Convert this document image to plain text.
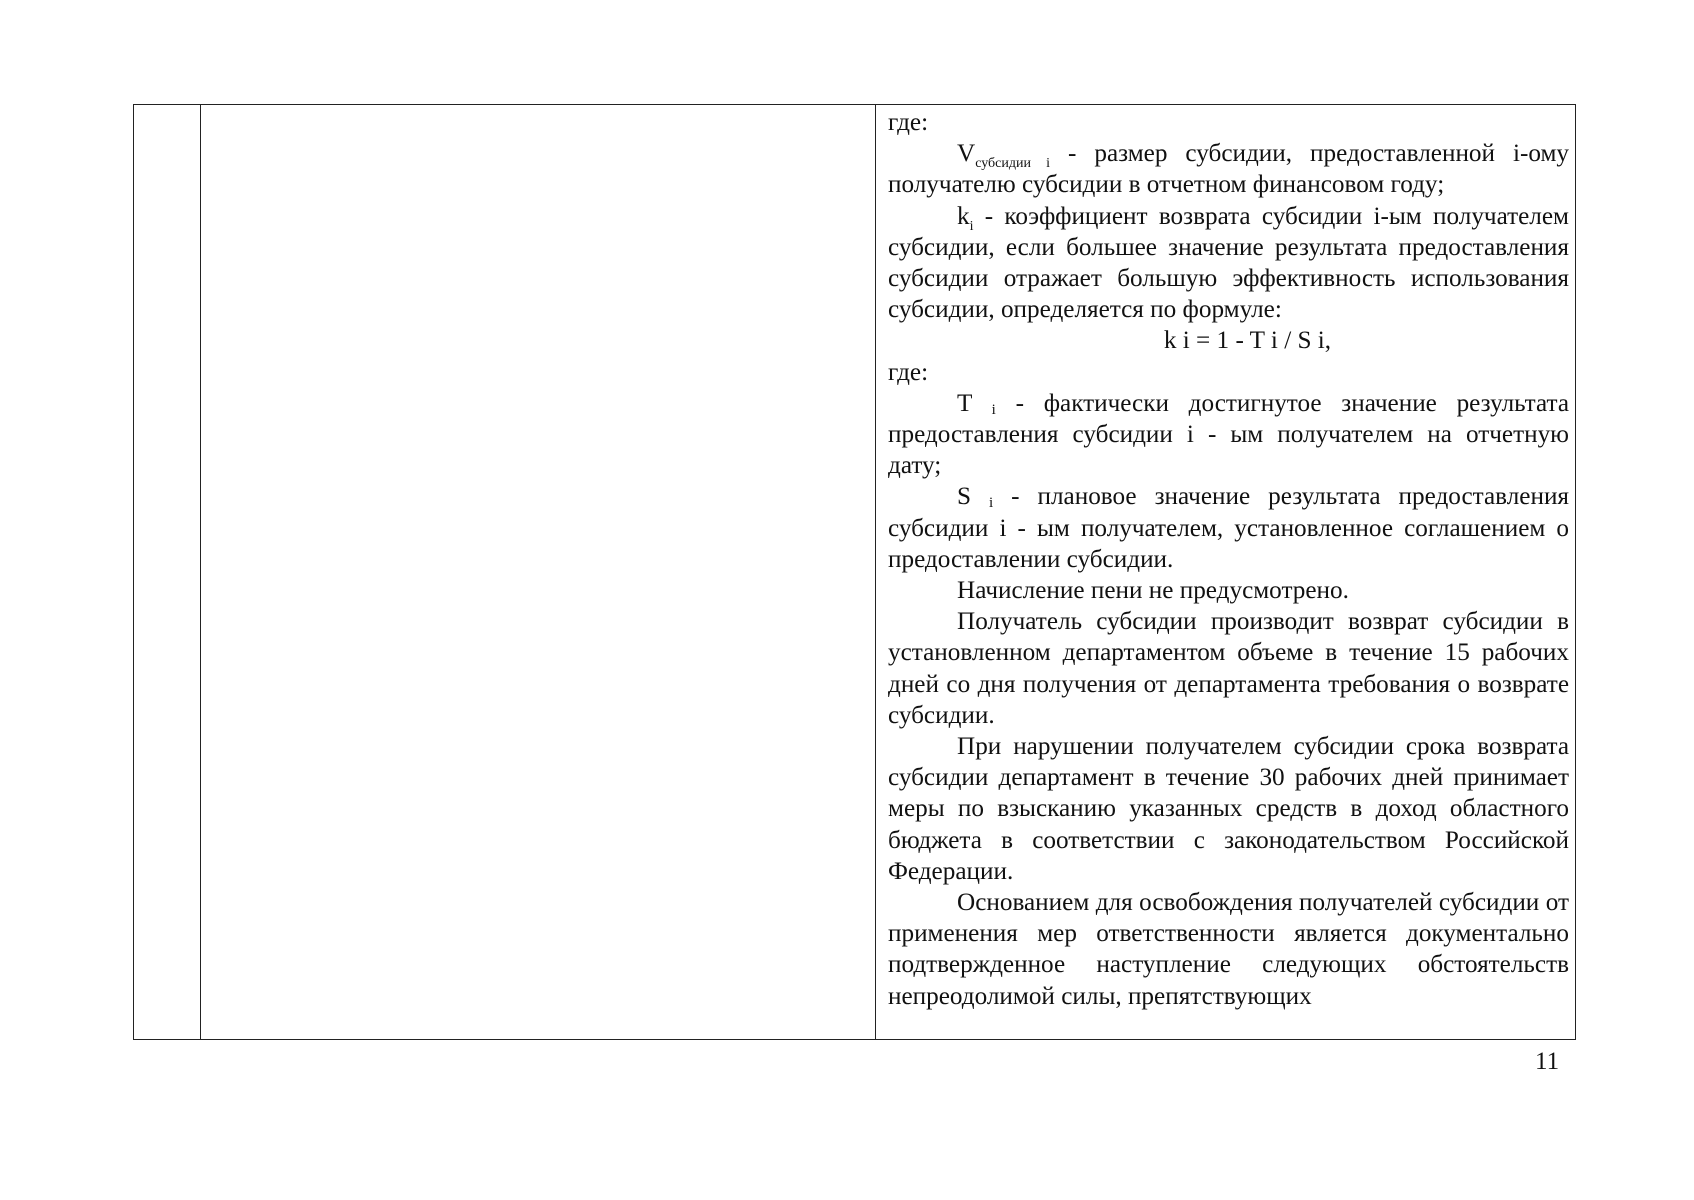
где:

$V_{субсидии i}$ - размер субсидии, предоставленной i-ому получателю субсидии в отчетном финансовом году;

$k_i$ - коэффициент возврата субсидии i-ым получателем субсидии, если большее значение результата предоставления субсидии отражает большую эффективность использования субсидии, определяется по формуле:

k i = 1 - T i / S i,

где:

T i - фактически достигнутое значение результата предоставления субсидии i - ым получателем на отчетную дату;

S i - плановое значение результата предоставления субсидии i - ым получателем, установленное соглашением о предоставлении субсидии.

Начисление пени не предусмотрено.

Получатель субсидии производит возврат субсидии в установленном департаментом объеме в течение 15 рабочих дней со дня получения от департамента требования о возврате субсидии.

При нарушении получателем субсидии срока возврата субсидии департамент в течение 30 рабочих дней принимает меры по взысканию указанных средств в доход областного бюджета в соответствии с законодательством Российской Федерации.

Основанием для освобождения получателей субсидии от применения мер ответственности является документально подтвержденное наступление следующих обстоятельств непреодолимой силы, препятствующих

11
